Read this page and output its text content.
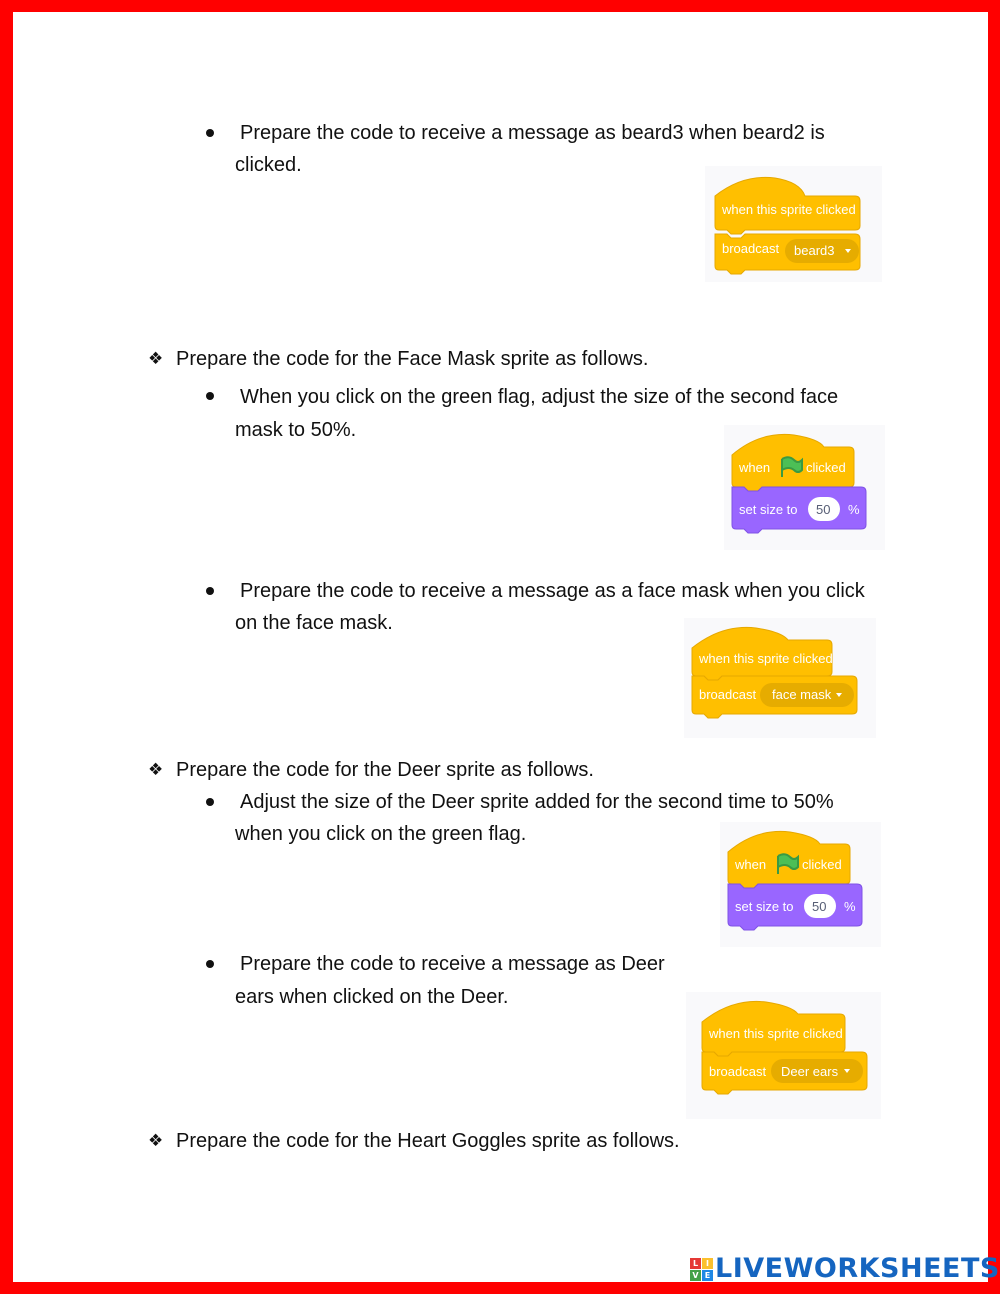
Prepare the code to receive a message as beard3 when beard2 is
clicked.
when this sprite clicked
broadcast beard3
❖ Prepare the code for the Face Mask sprite as follows.
When you click on the green flag, adjust the size of the second face
mask to 50%.
when	clicked
set size to 50 %
Prepare the code to receive a message as a face mask when you click
on the face mask.
when this sprite clicked
broadcast face mask
❖ Prepare the code for the Deer sprite as follows.
Adjust the size of the Deer sprite added for the second time to 50%
when you click on the green flag.
when	clicked
set size to 50 %
Prepare the code to receive a message as Deer
ears when clicked on the Deer.
when this sprite clicked
broadcast Deer ears
❖ Prepare the code for the Heart Goggles sprite as follows.
L I
V E LIVEWORKSHEETS
